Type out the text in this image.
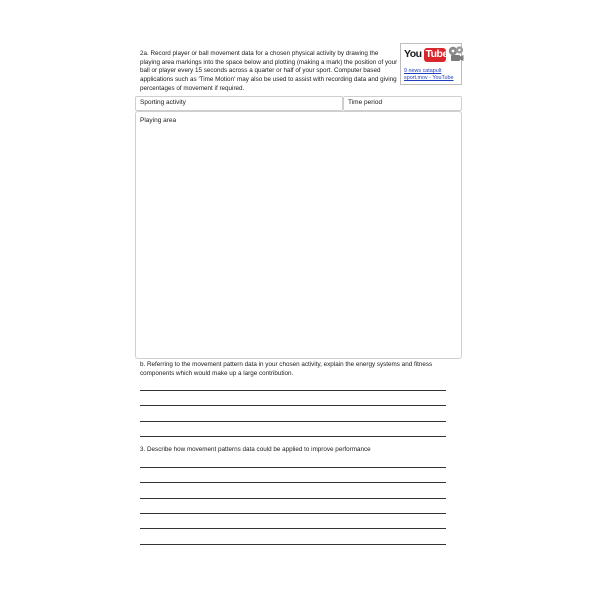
2a. Record player or ball movement data for a chosen physical activity by drawing the playing area markings into the space below and plotting (making a mark) the position of your ball or player every 15 seconds across a quarter or half of your sport. Computer based applications such as 'Time Motion' may also be used to assist with recording data and giving percentages of movement if required.
You Tube
9 news catapult sport.mov - YouTube
Sporting activity	Time period
Playing area
b. Referring to the movement pattern data in your chosen activity, explain the energy systems and fitness components which would make up a large contribution.
3. Describe how movement patterns data could be applied to improve performance
